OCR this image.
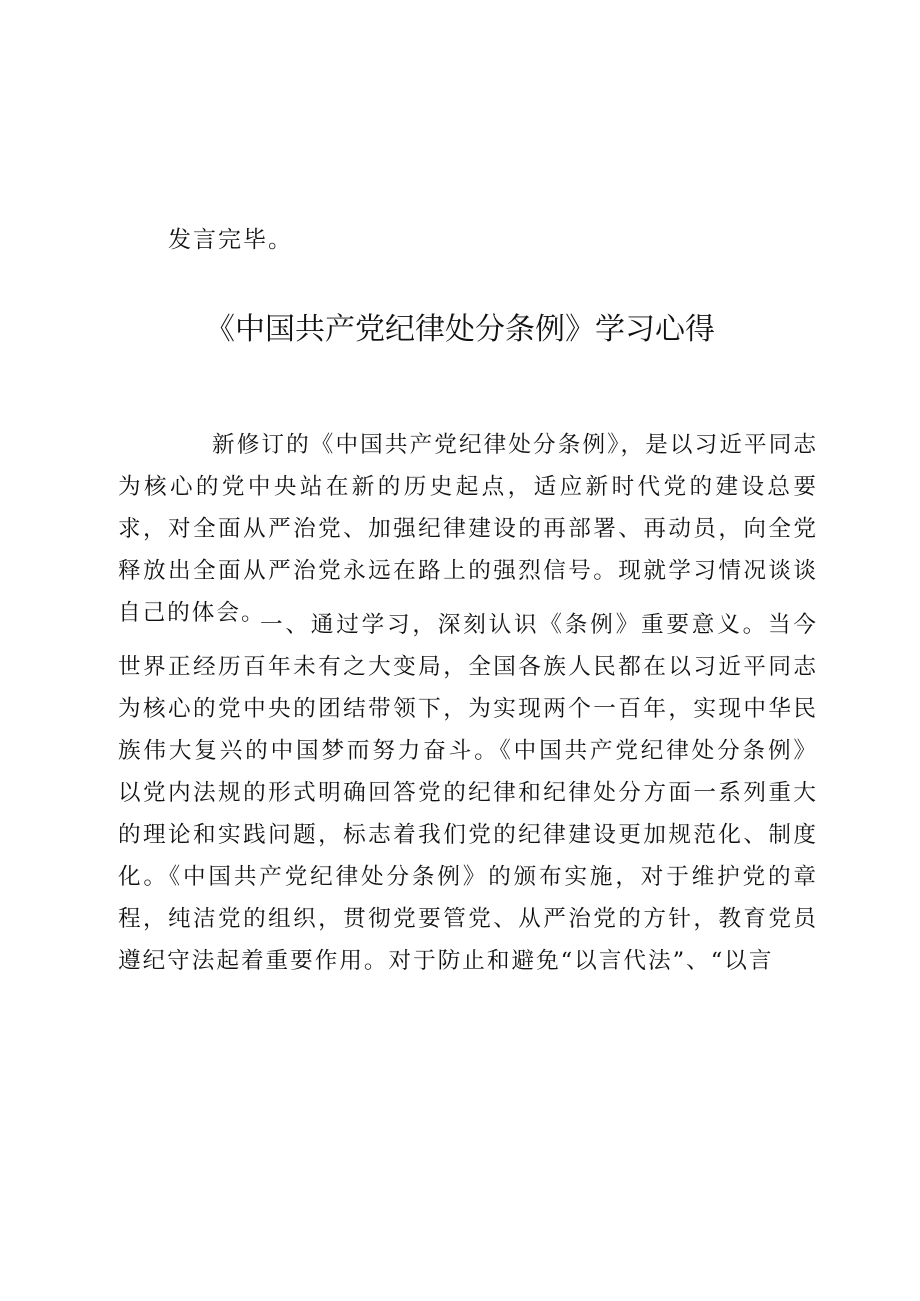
发言完毕。
《中国共产党纪律处分条例》学习心得

新修订的《中国共产党纪律处分条例》，是以习近平同志为核心的党中央站在新的历史起点，适应新时代党的建设总要求，对全面从严治党、加强纪律建设的再部署、再动员，向全党释放出全面从严治党永远在路上的强烈信号。现就学习情况谈谈自己的体会。

一、通过学习，深刻认识《条例》重要意义。当今世界正经历百年未有之大变局，全国各族人民都在以习近平同志为核心的党中央的团结带领下，为实现两个一百年，实现中华民族伟大复兴的中国梦而努力奋斗。《中国共产党纪律处分条例》以党内法规的形式明确回答党的纪律和纪律处分方面一系列重大的理论和实践问题，标志着我们党的纪律建设更加规范化、制度化。《中国共产党纪律处分条例》的颁布实施，对于维护党的章程，纯洁党的组织，贯彻党要管党、从严治党的方针，教育党员遵纪守法起着重要作用。对于防止和避免“以言代法”、“以言
